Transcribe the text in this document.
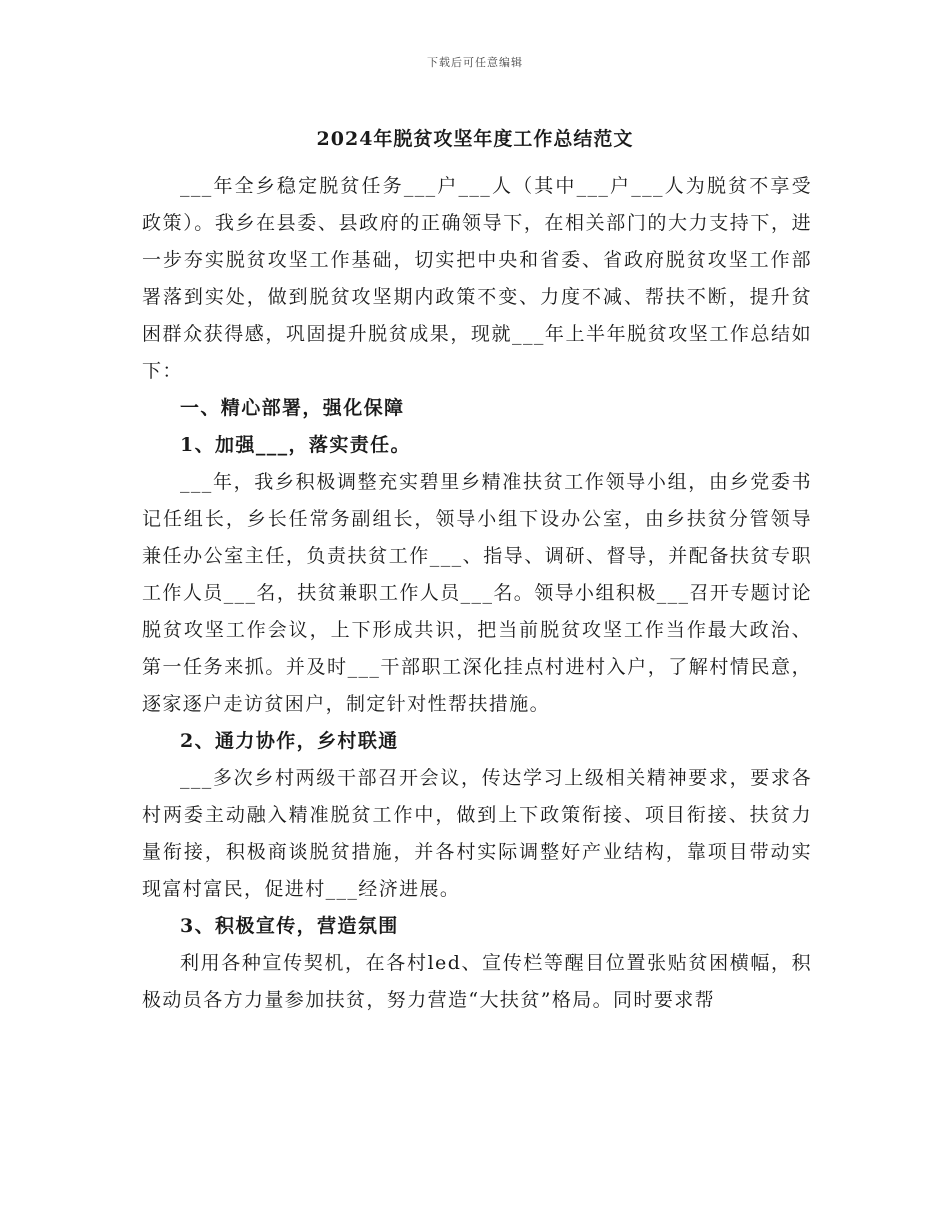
下载后可任意编辑
2024年脱贫攻坚年度工作总结范文

___年全乡稳定脱贫任务___户___人（其中___户___人为脱贫不享受政策）。我乡在县委、县政府的正确领导下，在相关部门的大力支持下，进一步夯实脱贫攻坚工作基础，切实把中央和省委、省政府脱贫攻坚工作部署落到实处，做到脱贫攻坚期内政策不变、力度不减、帮扶不断，提升贫困群众获得感，巩固提升脱贫成果，现就___年上半年脱贫攻坚工作总结如下：

一、精心部署，强化保障

1、加强___，落实责任。

___年，我乡积极调整充实碧里乡精准扶贫工作领导小组，由乡党委书记任组长，乡长任常务副组长，领导小组下设办公室，由乡扶贫分管领导兼任办公室主任，负责扶贫工作___、指导、调研、督导，并配备扶贫专职工作人员___名，扶贫兼职工作人员___名。领导小组积极___召开专题讨论脱贫攻坚工作会议，上下形成共识，把当前脱贫攻坚工作当作最大政治、第一任务来抓。并及时___干部职工深化挂点村进村入户，了解村情民意，逐家逐户走访贫困户，制定针对性帮扶措施。

2、通力协作，乡村联通

___多次乡村两级干部召开会议，传达学习上级相关精神要求，要求各村两委主动融入精准脱贫工作中，做到上下政策衔接、项目衔接、扶贫力量衔接，积极商谈脱贫措施，并各村实际调整好产业结构，靠项目带动实现富村富民，促进村___经济进展。

3、积极宣传，营造氛围

利用各种宣传契机，在各村led、宣传栏等醒目位置张贴贫困横幅，积极动员各方力量参加扶贫，努力营造“大扶贫”格局。同时要求帮
